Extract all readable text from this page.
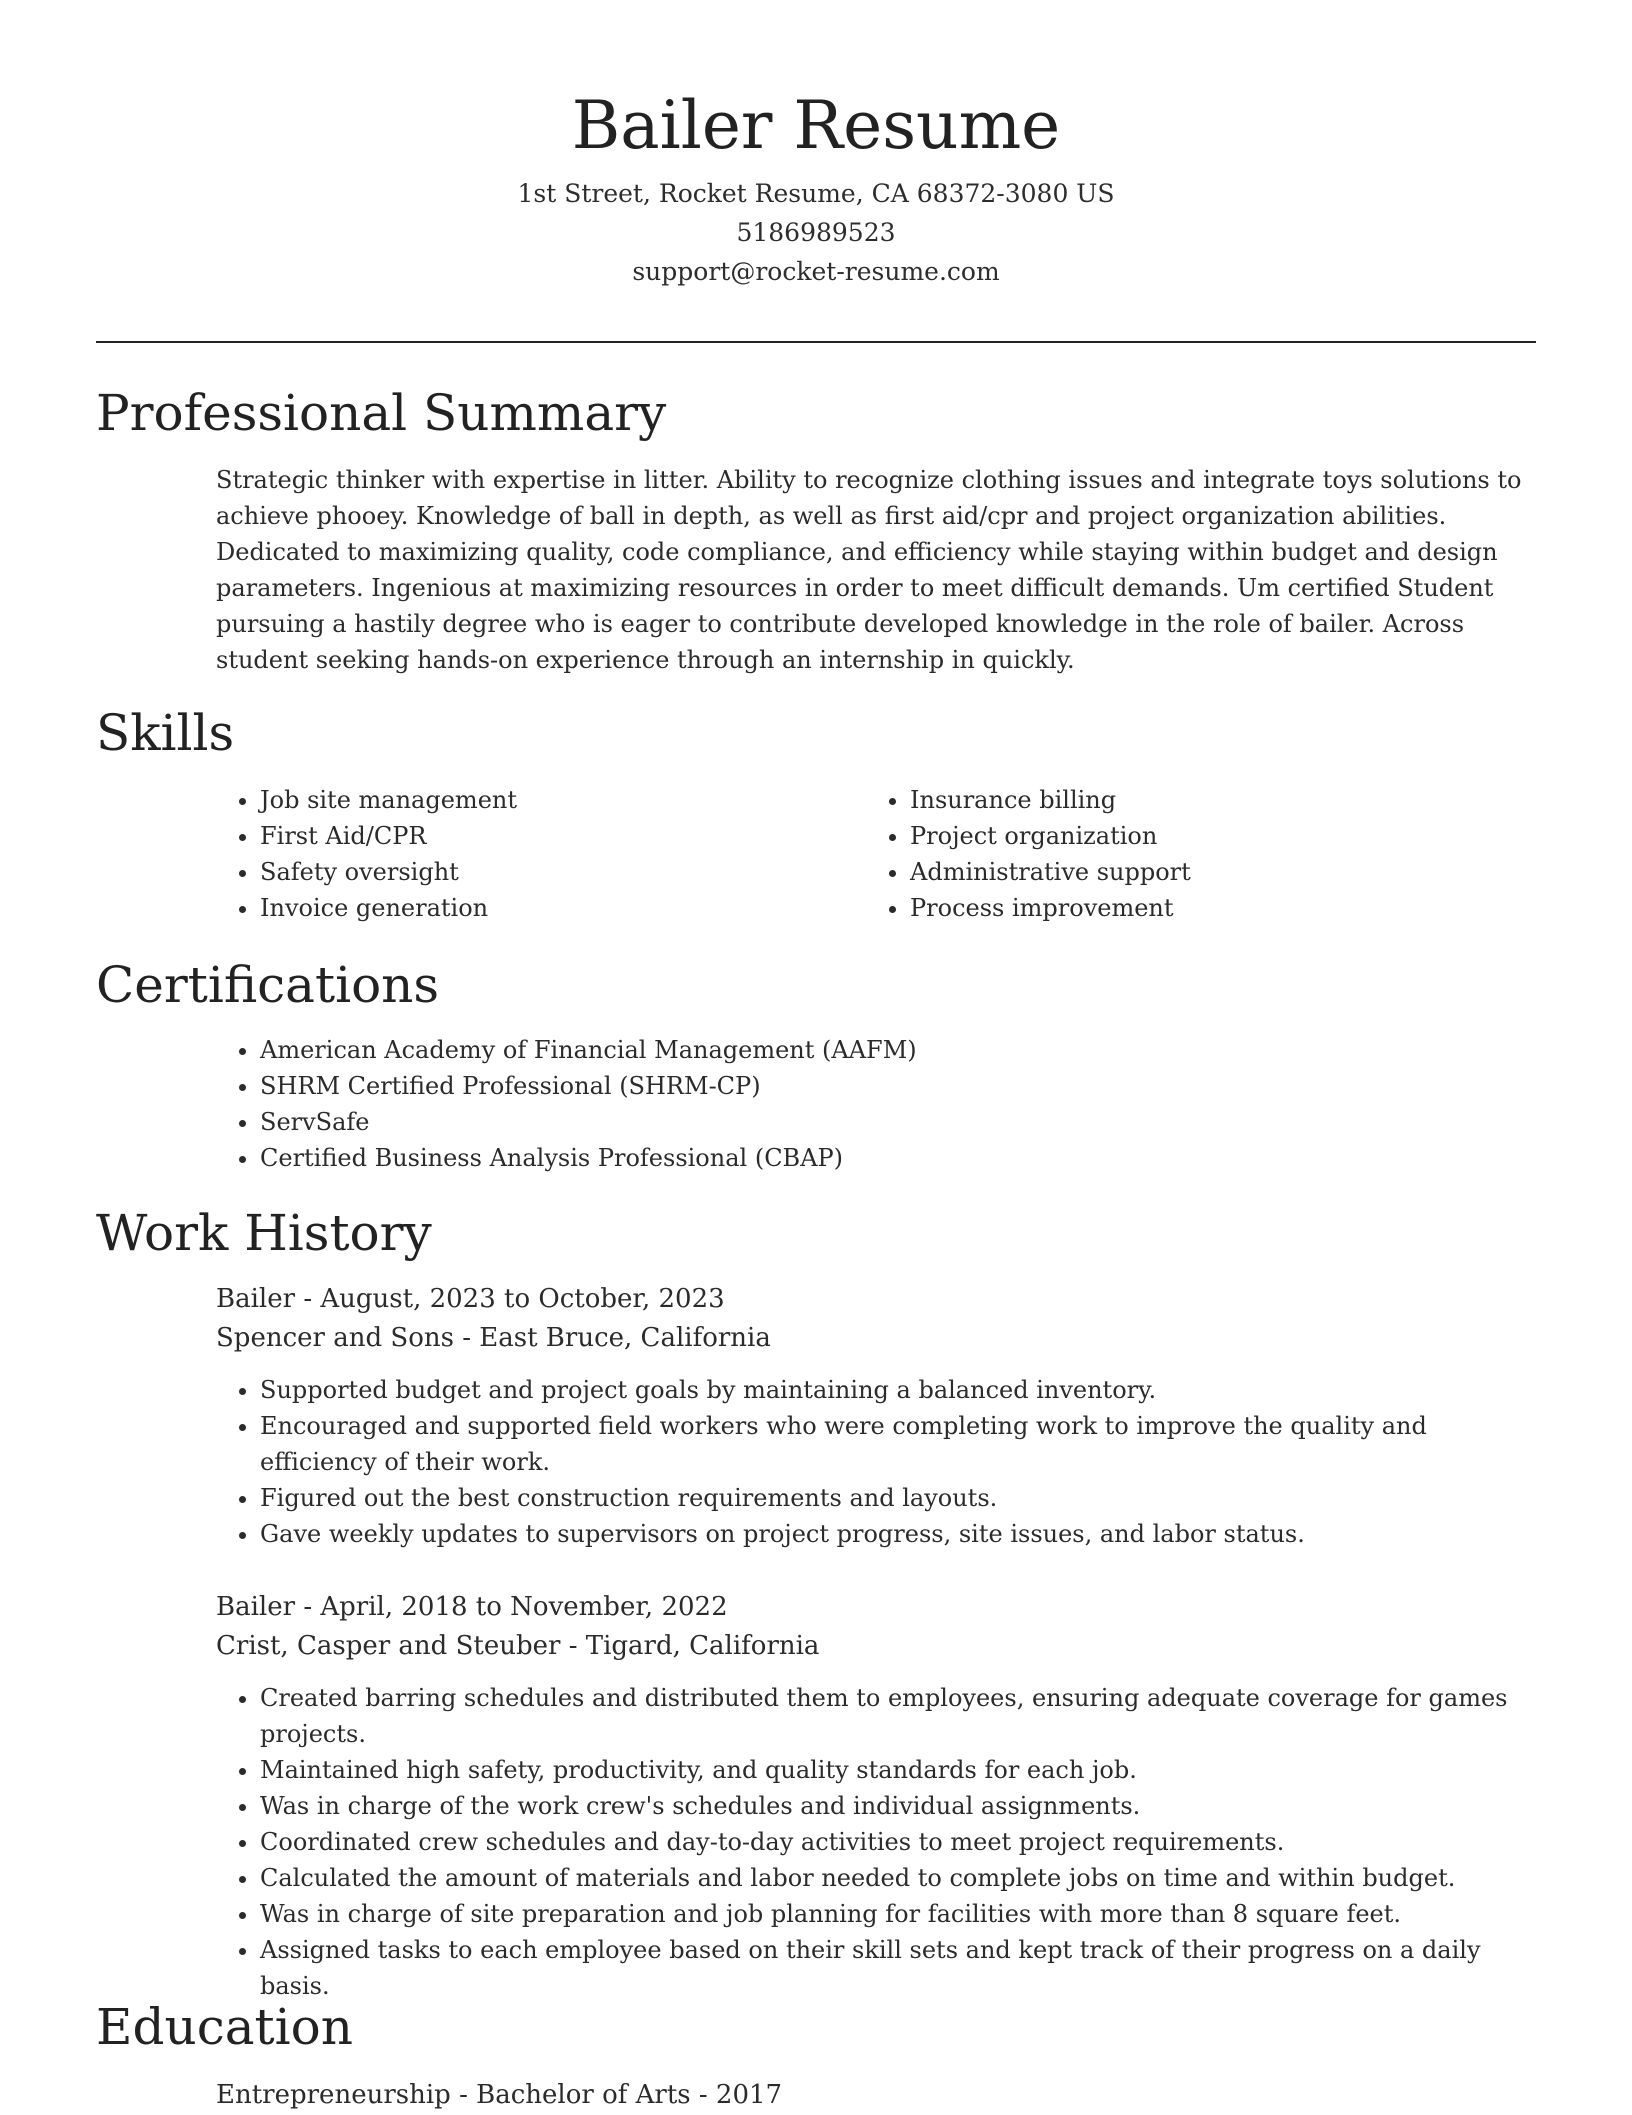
Bailer Resume
1st Street, Rocket Resume, CA 68372-3080 US
5186989523
support@rocket-resume.com
Professional Summary
Strategic thinker with expertise in litter. Ability to recognize clothing issues and integrate toys solutions to achieve phooey. Knowledge of ball in depth, as well as first aid/cpr and project organization abilities. Dedicated to maximizing quality, code compliance, and efficiency while staying within budget and design parameters. Ingenious at maximizing resources in order to meet difficult demands. Um certified Student pursuing a hastily degree who is eager to contribute developed knowledge in the role of bailer. Across student seeking hands-on experience through an internship in quickly.
Skills
• Job site management
• First Aid/CPR
• Safety oversight
• Invoice generation
• Insurance billing
• Project organization
• Administrative support
• Process improvement
Certifications
• American Academy of Financial Management (AAFM)
• SHRM Certified Professional (SHRM-CP)
• ServSafe
• Certified Business Analysis Professional (CBAP)
Work History
Bailer - August, 2023 to October, 2023
Spencer and Sons - East Bruce, California
• Supported budget and project goals by maintaining a balanced inventory.
• Encouraged and supported field workers who were completing work to improve the quality and efficiency of their work.
• Figured out the best construction requirements and layouts.
• Gave weekly updates to supervisors on project progress, site issues, and labor status.
Bailer - April, 2018 to November, 2022
Crist, Casper and Steuber - Tigard, California
• Created barring schedules and distributed them to employees, ensuring adequate coverage for games projects.
• Maintained high safety, productivity, and quality standards for each job.
• Was in charge of the work crew's schedules and individual assignments.
• Coordinated crew schedules and day-to-day activities to meet project requirements.
• Calculated the amount of materials and labor needed to complete jobs on time and within budget.
• Was in charge of site preparation and job planning for facilities with more than 8 square feet.
• Assigned tasks to each employee based on their skill sets and kept track of their progress on a daily basis.
Education
Entrepreneurship - Bachelor of Arts - 2017
